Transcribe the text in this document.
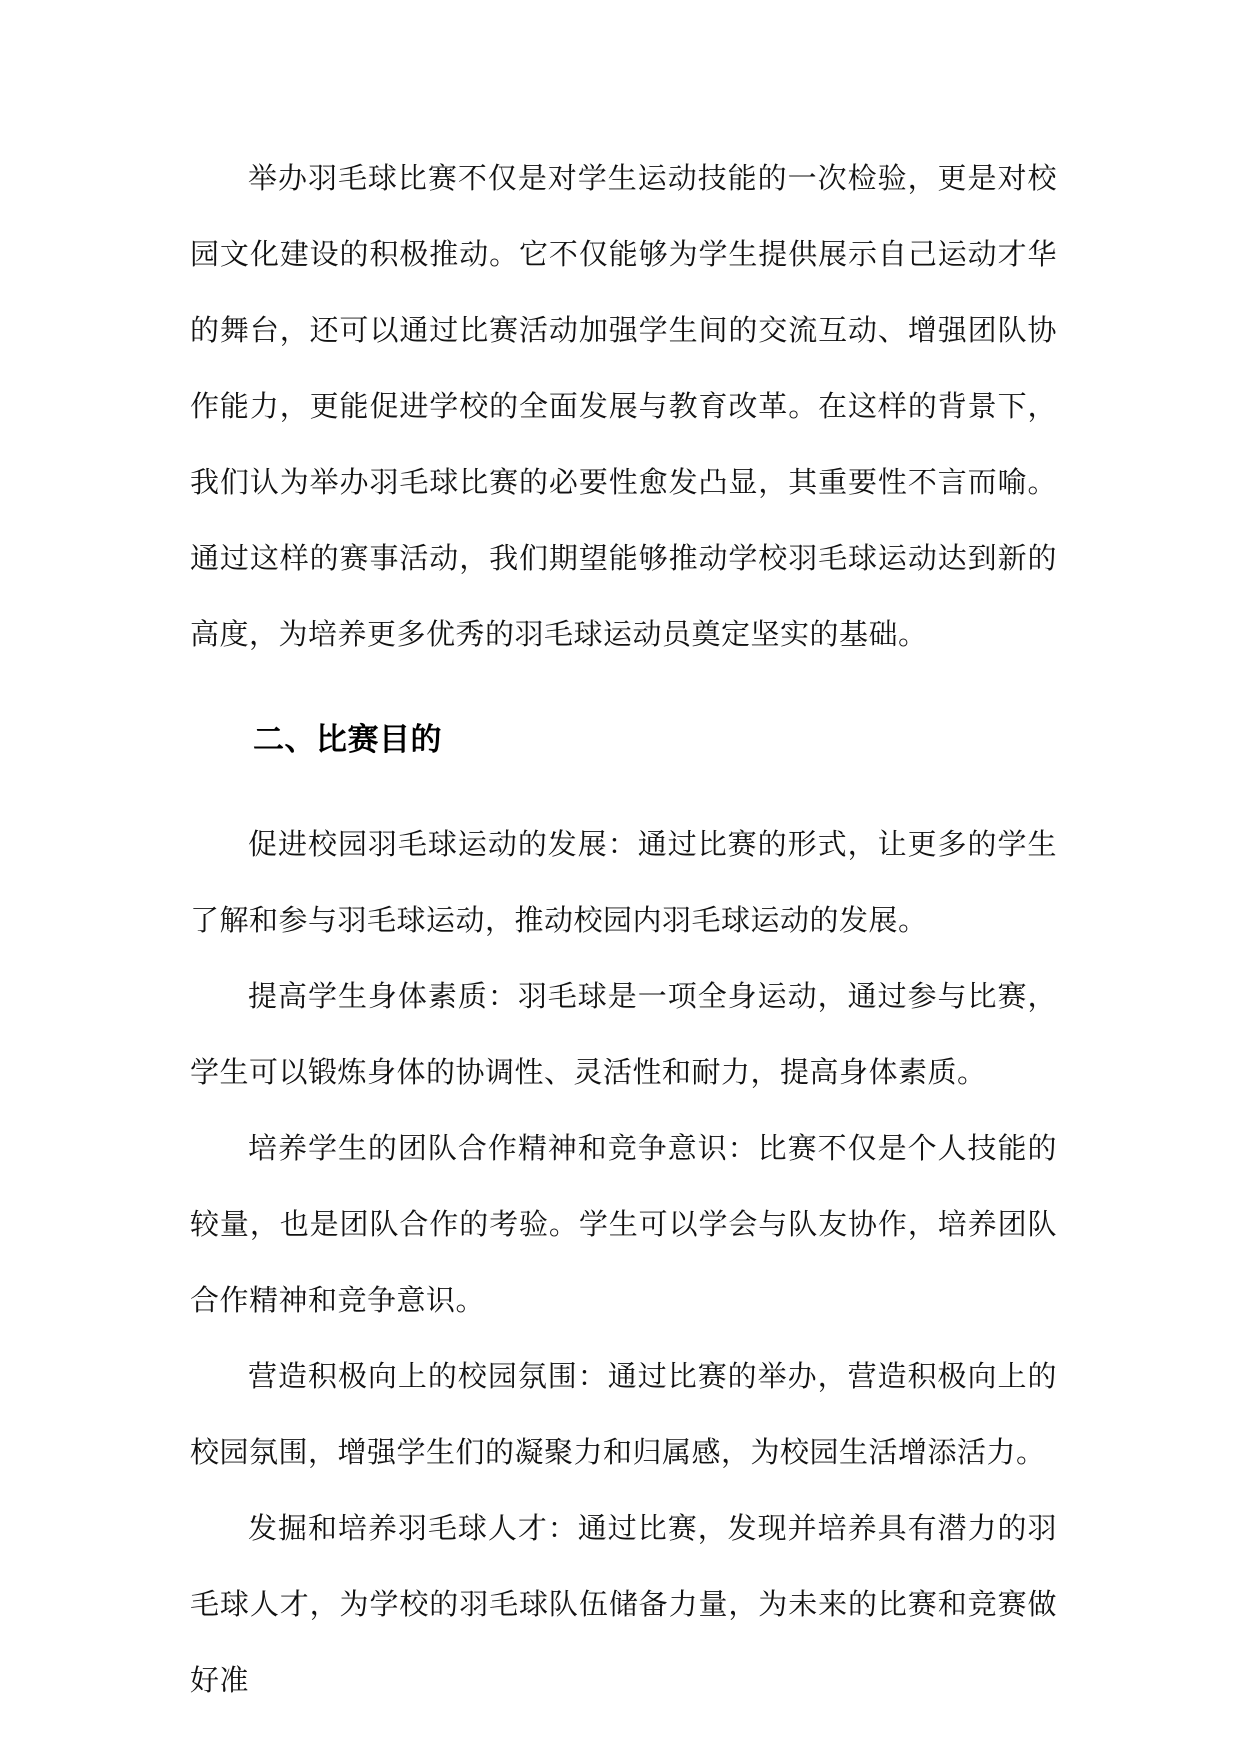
举办羽毛球比赛不仅是对学生运动技能的一次检验，更是对校园文化建设的积极推动。它不仅能够为学生提供展示自己运动才华的舞台，还可以通过比赛活动加强学生间的交流互动、增强团队协作能力，更能促进学校的全面发展与教育改革。在这样的背景下，我们认为举办羽毛球比赛的必要性愈发凸显，其重要性不言而喻。通过这样的赛事活动，我们期望能够推动学校羽毛球运动达到新的高度，为培养更多优秀的羽毛球运动员奠定坚实的基础。

二、比赛目的

促进校园羽毛球运动的发展：通过比赛的形式，让更多的学生了解和参与羽毛球运动，推动校园内羽毛球运动的发展。

提高学生身体素质：羽毛球是一项全身运动，通过参与比赛，学生可以锻炼身体的协调性、灵活性和耐力，提高身体素质。

培养学生的团队合作精神和竞争意识：比赛不仅是个人技能的较量，也是团队合作的考验。学生可以学会与队友协作，培养团队合作精神和竞争意识。

营造积极向上的校园氛围：通过比赛的举办，营造积极向上的校园氛围，增强学生们的凝聚力和归属感，为校园生活增添活力。

发掘和培养羽毛球人才：通过比赛，发现并培养具有潜力的羽毛球人才，为学校的羽毛球队伍储备力量，为未来的比赛和竞赛做好准
